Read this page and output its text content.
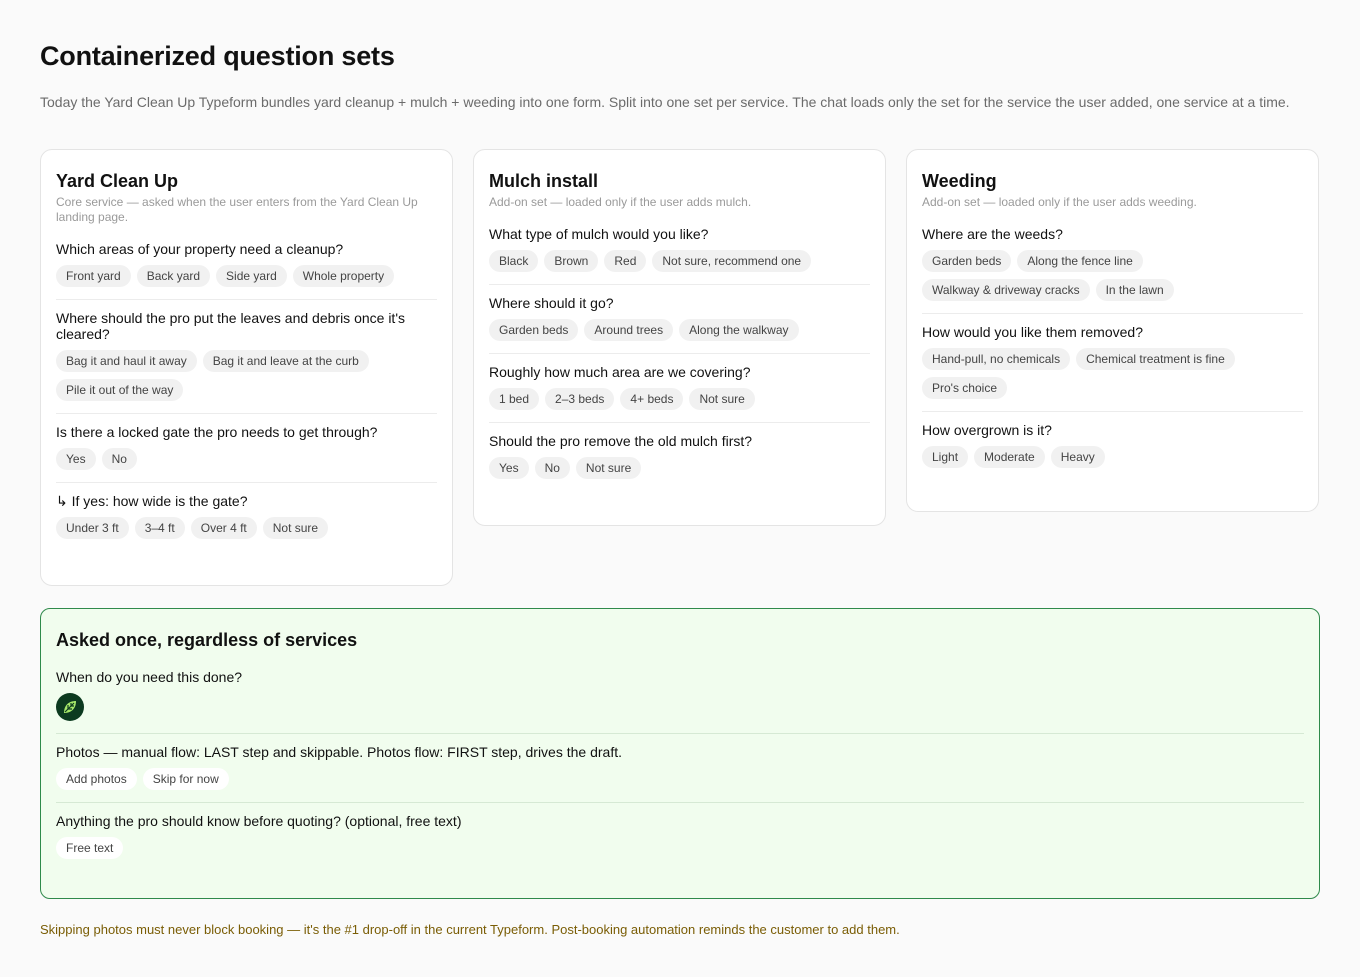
Containerized question sets

Today the Yard Clean Up Typeform bundles yard cleanup + mulch + weeding into one form. Split into one set per service. The chat loads only the set for the service the user added, one service at a time.

Yard Clean Up
Core service — asked when the user enters from the Yard Clean Up landing page.
Which areas of your property need a cleanup?
Front yard	Back yard	Side yard	Whole property
Where should the pro put the leaves and debris once it's cleared?
Bag it and haul it away	Bag it and leave at the curb
Pile it out of the way
Is there a locked gate the pro needs to get through?
Yes	No
↳ If yes: how wide is the gate?
Under 3 ft	3–4 ft	Over 4 ft	Not sure
Mulch install
Add-on set — loaded only if the user adds mulch.
What type of mulch would you like?
Black	Brown	Red	Not sure, recommend one
Where should it go?
Garden beds	Around trees	Along the walkway
Roughly how much area are we covering?
1 bed	2–3 beds	4+ beds	Not sure
Should the pro remove the old mulch first?
Yes	No	Not sure
Weeding
Add-on set — loaded only if the user adds weeding.
Where are the weeds?
Garden beds	Along the fence line
Walkway & driveway cracks	In the lawn
How would you like them removed?
Hand-pull, no chemicals	Chemical treatment is fine
Pro's choice
How overgrown is it?
Light	Moderate	Heavy
Asked once, regardless of services
When do you need this done?
Photos — manual flow: LAST step and skippable. Photos flow: FIRST step, drives the draft.
Add photos	Skip for now
Anything the pro should know before quoting? (optional, free text)
Free text

Skipping photos must never block booking — it's the #1 drop-off in the current Typeform. Post-booking automation reminds the customer to add them.
